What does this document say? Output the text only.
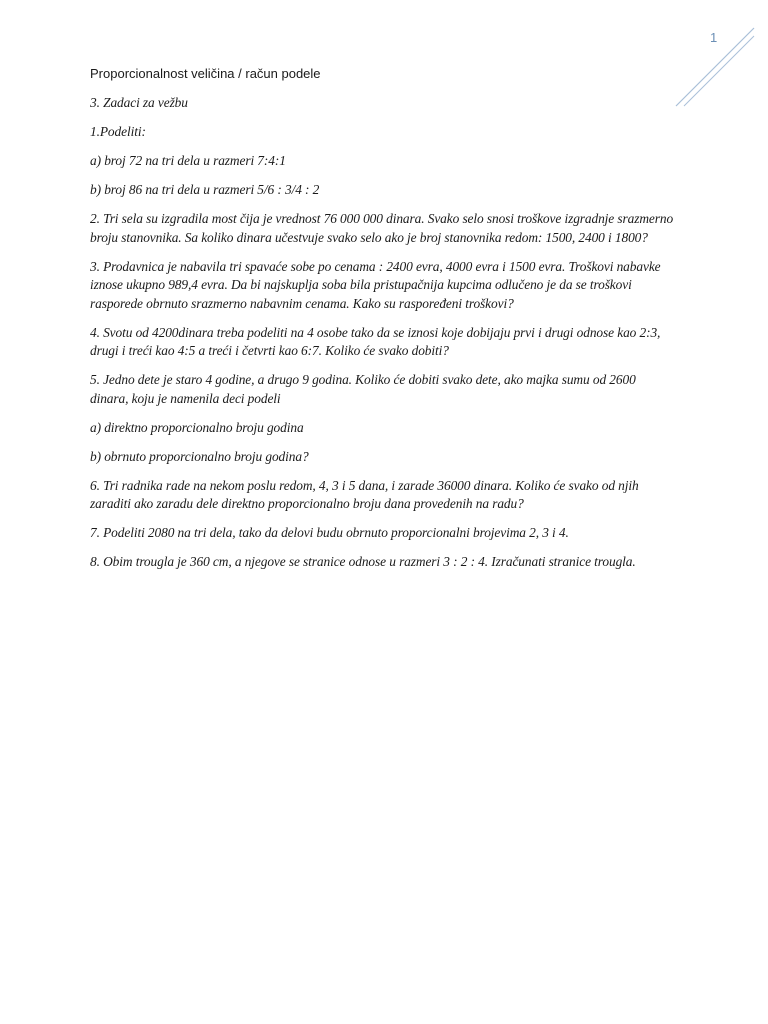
1

Proporcionalnost veličina / račun podele

3. Zadaci za vežbu

1.Podeliti:

a) broj 72 na tri dela u razmeri 7:4:1

b) broj 86 na tri dela u razmeri 5/6 : 3/4 : 2

2. Tri sela su izgradila most čija je vrednost 76 000 000 dinara. Svako selo snosi troškove izgradnje srazmerno broju stanovnika. Sa koliko dinara učestvuje svako selo ako je broj stanovnika redom: 1500, 2400 i 1800?

3. Prodavnica je nabavila tri spavaće sobe po cenama : 2400 evra, 4000 evra i 1500 evra. Troškovi nabavke iznose ukupno 989,4 evra. Da bi najskuplja soba bila pristupačnija kupcima odlučeno je da se troškovi rasporede obrnuto srazmerno nabavnim cenama. Kako su raspoređeni troškovi?

4. Svotu od 4200dinara treba podeliti na 4 osobe tako da se iznosi koje dobijaju prvi i drugi odnose kao 2:3, drugi i treći kao 4:5 a treći i četvrti kao 6:7. Koliko će svako dobiti?

5. Jedno dete je staro 4 godine, a drugo 9 godina. Koliko će dobiti svako dete, ako majka sumu od 2600 dinara, koju je namenila deci podeli

a) direktno proporcionalno broju godina

b) obrnuto proporcionalno broju godina?

6. Tri radnika rade na nekom poslu redom, 4, 3 i 5 dana, i zarade 36000 dinara. Koliko će svako od njih zaraditi ako zaradu dele direktno proporcionalno broju dana provedenih na radu?

7. Podeliti 2080 na tri dela, tako da delovi budu obrnuto proporcionalni brojevima 2, 3 i 4.

8. Obim trougla je 360 cm, a njegove se stranice odnose u razmeri 3 : 2 : 4. Izračunati stranice trougla.
